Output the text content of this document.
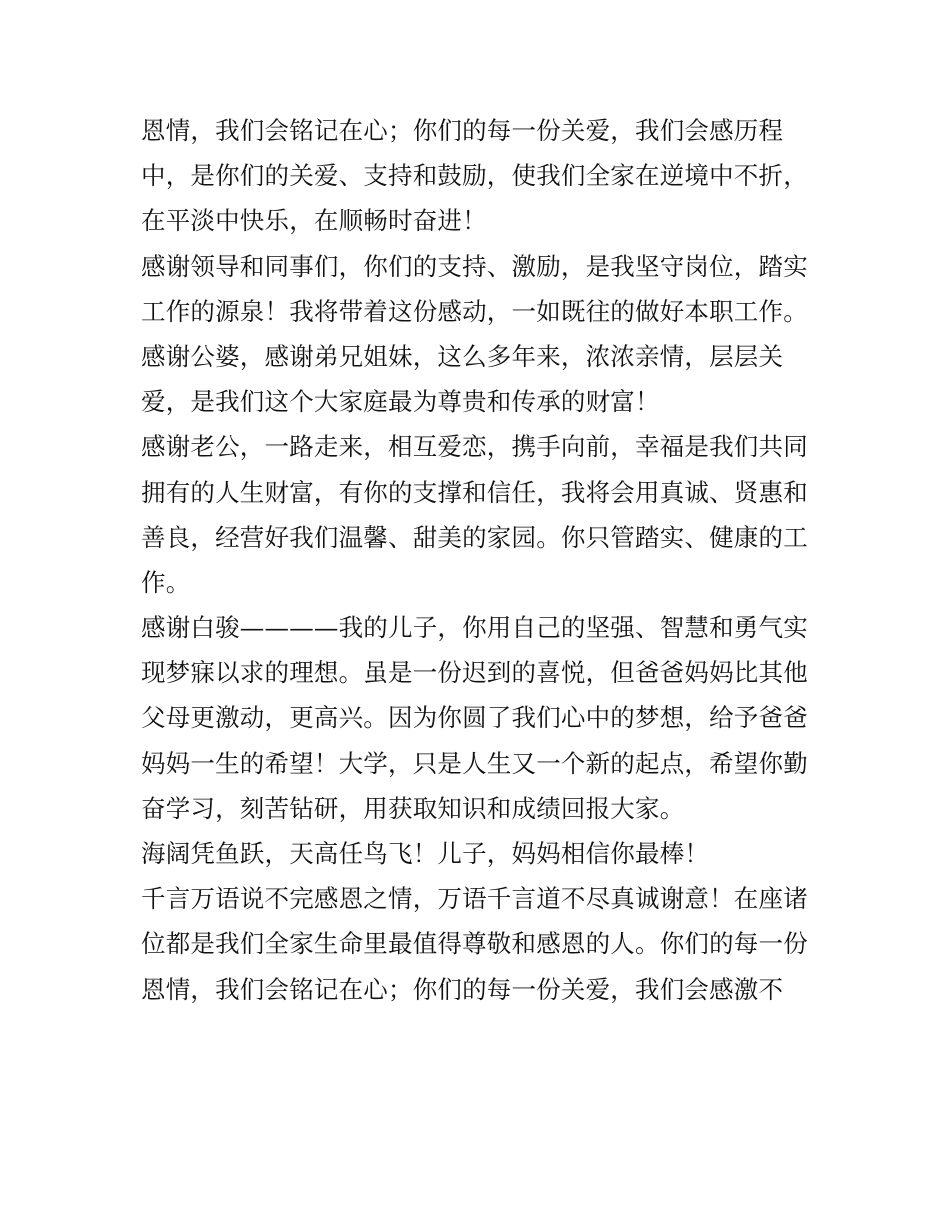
恩情，我们会铭记在心；你们的每一份关爱，我们会感历程
中，是你们的关爱、支持和鼓励，使我们全家在逆境中不折，
在平淡中快乐，在顺畅时奋进！
感谢领导和同事们，你们的支持、激励，是我坚守岗位，踏实
工作的源泉！我将带着这份感动，一如既往的做好本职工作。
感谢公婆，感谢弟兄姐妹，这么多年来，浓浓亲情，层层关
爱，是我们这个大家庭最为尊贵和传承的财富！
感谢老公，一路走来，相互爱恋，携手向前，幸福是我们共同
拥有的人生财富，有你的支撑和信任，我将会用真诚、贤惠和
善良，经营好我们温馨、甜美的家园。你只管踏实、健康的工
作。
感谢白骏————我的儿子，你用自己的坚强、智慧和勇气实
现梦寐以求的理想。虽是一份迟到的喜悦，但爸爸妈妈比其他
父母更激动，更高兴。因为你圆了我们心中的梦想，给予爸爸
妈妈一生的希望！大学，只是人生又一个新的起点，希望你勤
奋学习，刻苦钻研，用获取知识和成绩回报大家。
海阔凭鱼跃，天高任鸟飞！儿子，妈妈相信你最棒！
千言万语说不完感恩之情，万语千言道不尽真诚谢意！在座诸
位都是我们全家生命里最值得尊敬和感恩的人。你们的每一份
恩情，我们会铭记在心；你们的每一份关爱，我们会感激不
